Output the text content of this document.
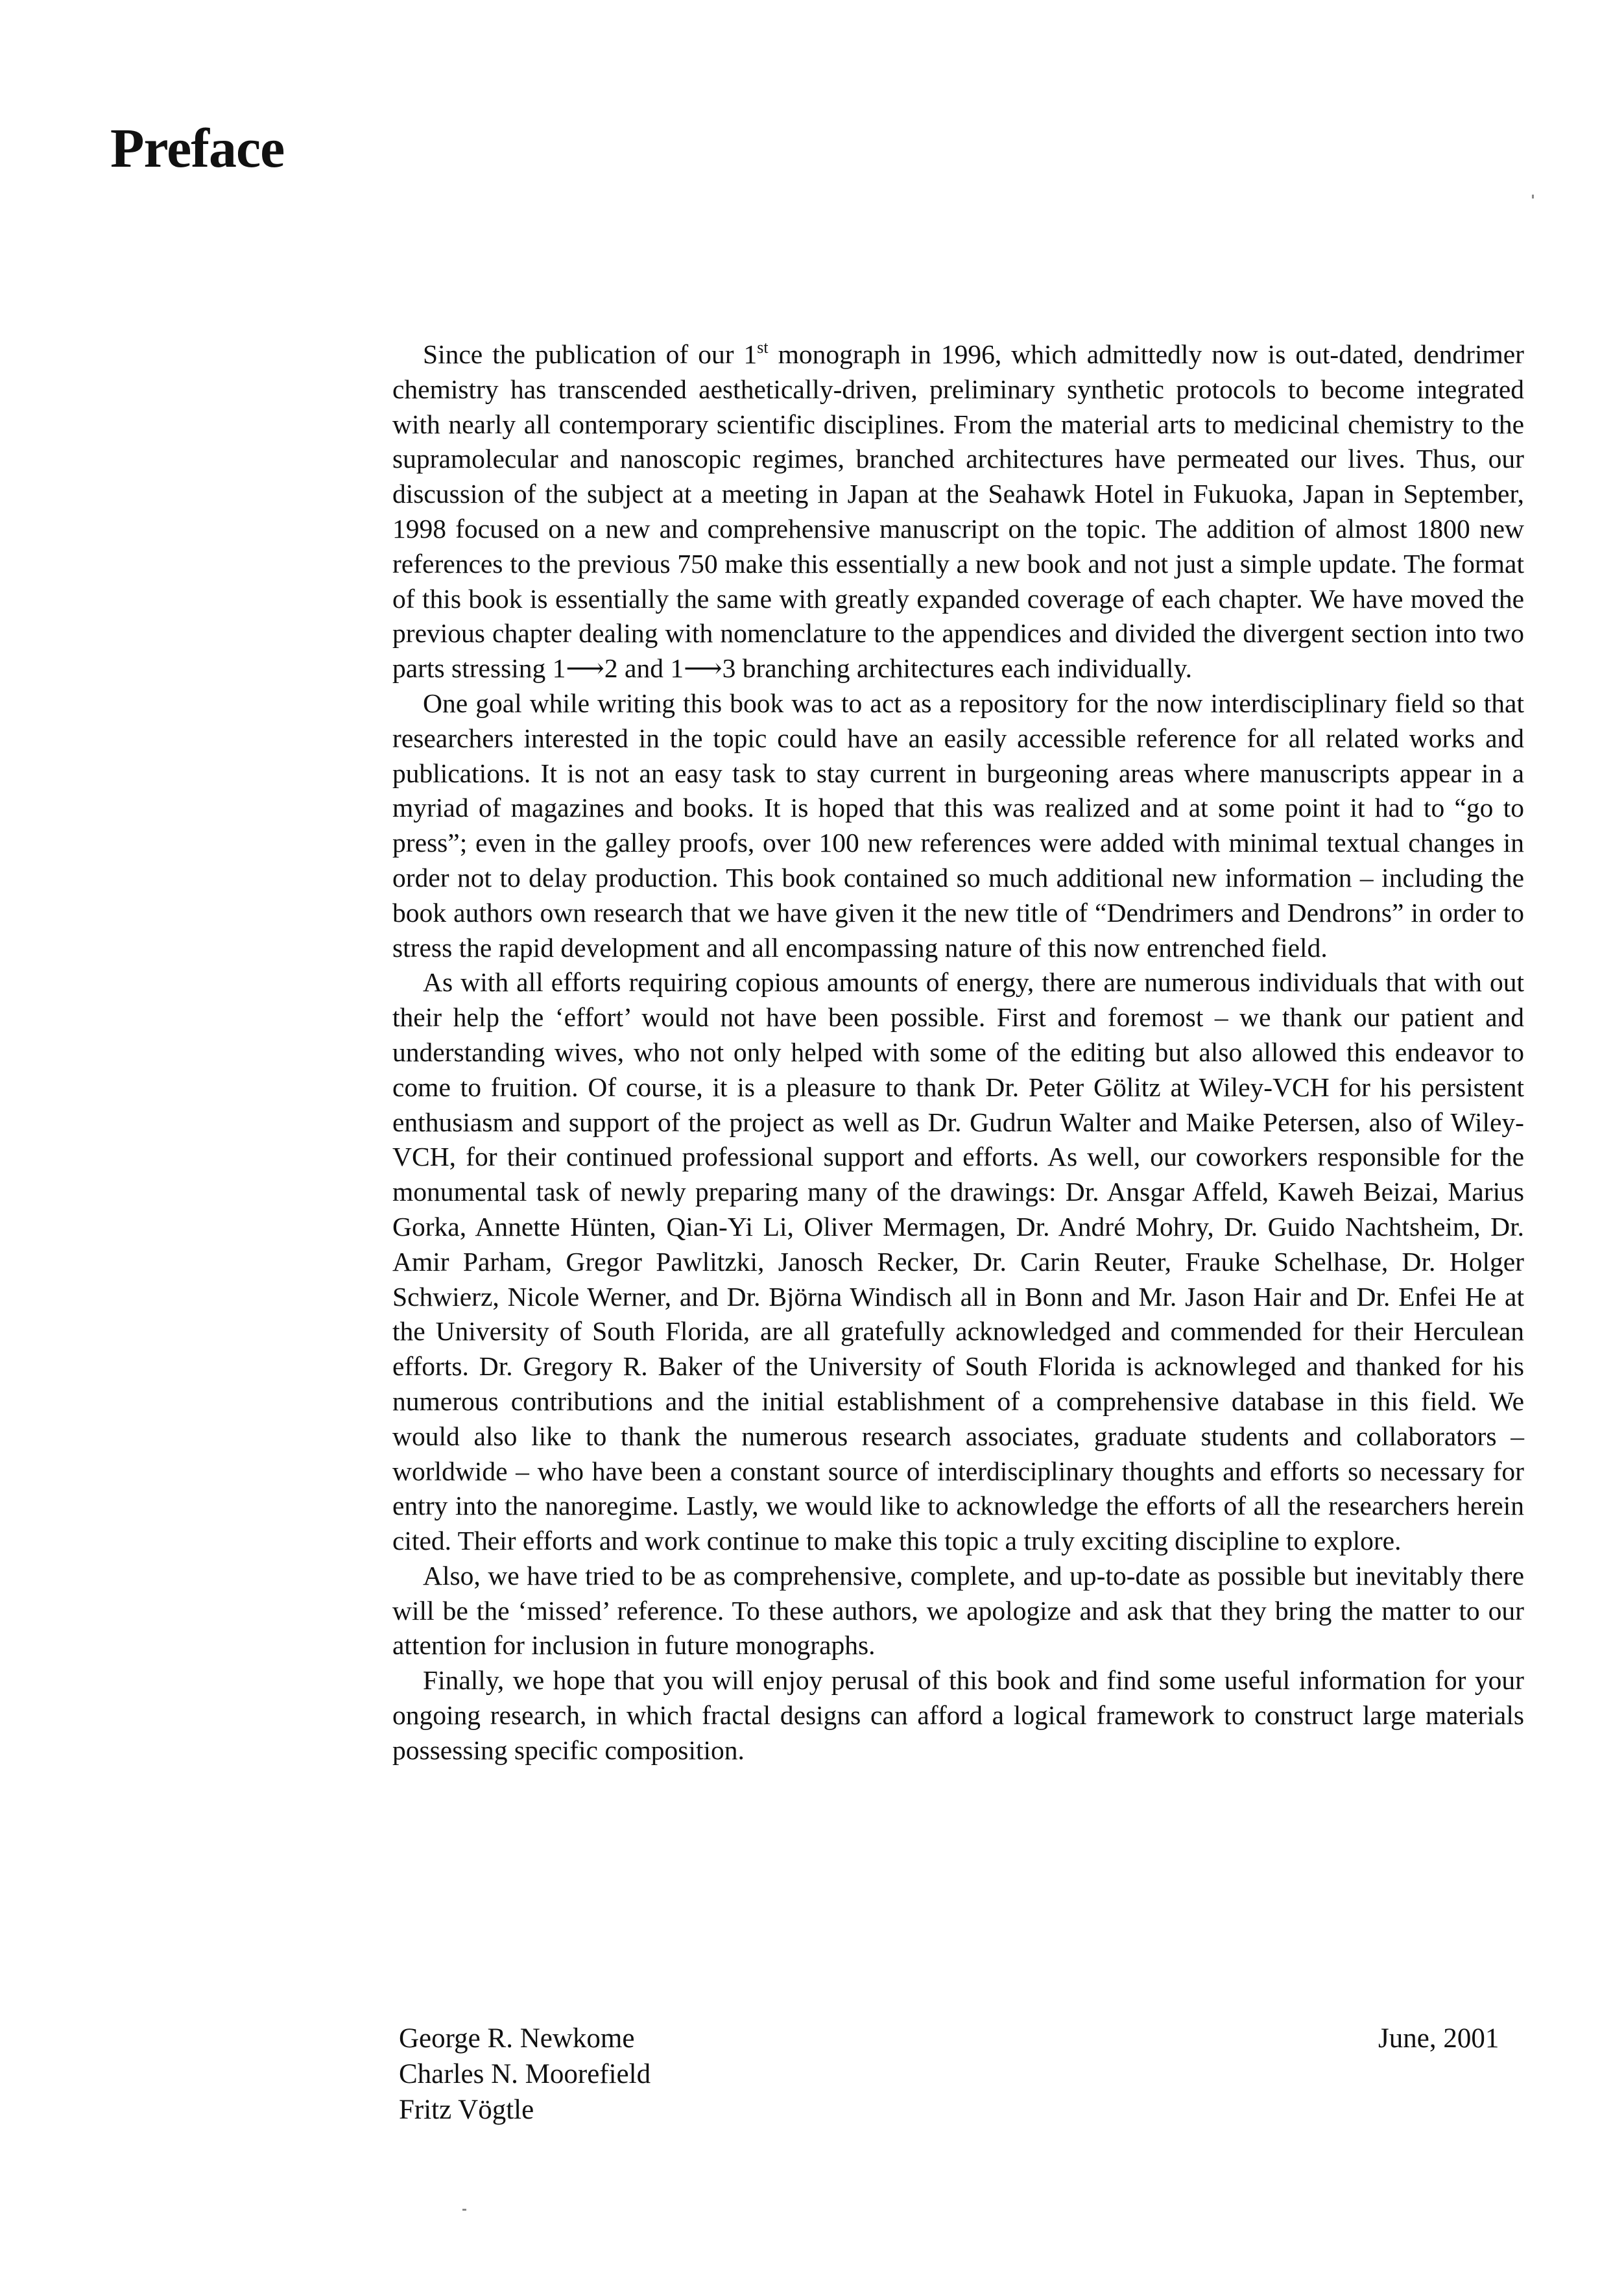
Preface

Since the publication of our 1st monograph in 1996, which admittedly now is out-dated, dendrimer chemistry has transcended aesthetically-driven, preliminary synthetic protocols to become integrated with nearly all contemporary scientific disciplines. From the material arts to medicinal chemistry to the supramolecular and nanoscopic regimes, branched architectures have permeated our lives. Thus, our discussion of the subject at a meeting in Japan at the Seahawk Hotel in Fukuoka, Japan in September, 1998 focused on a new and comprehensive manuscript on the topic. The addition of almost 1800 new references to the previous 750 make this essentially a new book and not just a simple update. The format of this book is essentially the same with greatly expanded coverage of each chapter. We have moved the previous chapter dealing with nomenclature to the appendices and divided the divergent section into two parts stressing 1⟶2 and 1⟶3 branching architectures each individually.

One goal while writing this book was to act as a repository for the now interdisciplinary field so that researchers interested in the topic could have an easily accessible reference for all related works and publications. It is not an easy task to stay current in burgeoning areas where manuscripts appear in a myriad of magazines and books. It is hoped that this was realized and at some point it had to “go to press”; even in the galley proofs, over 100 new references were added with minimal textual changes in order not to delay production. This book contained so much additional new information – including the book authors own research that we have given it the new title of “Dendrimers and Dendrons” in order to stress the rapid development and all encompassing nature of this now entrenched field.

As with all efforts requiring copious amounts of energy, there are numerous individuals that with out their help the ‘effort’ would not have been possible. First and foremost – we thank our patient and understanding wives, who not only helped with some of the editing but also allowed this endeavor to come to fruition. Of course, it is a pleasure to thank Dr. Peter Gölitz at Wiley-VCH for his persistent enthusiasm and support of the project as well as Dr. Gudrun Walter and Maike Petersen, also of Wiley-VCH, for their continued professional support and efforts. As well, our coworkers responsible for the monumental task of newly preparing many of the drawings: Dr. Ansgar Affeld, Kaweh Beizai, Marius Gorka, Annette Hünten, Qian-Yi Li, Oliver Mermagen, Dr. André Mohry, Dr. Guido Nachtsheim, Dr. Amir Parham, Gregor Pawlitzki, Janosch Recker, Dr. Carin Reuter, Frauke Schelhase, Dr. Holger Schwierz, Nicole Werner, and Dr. Björna Windisch all in Bonn and Mr. Jason Hair and Dr. Enfei He at the University of South Florida, are all gratefully acknowledged and commended for their Herculean efforts. Dr. Gregory R. Baker of the University of South Florida is acknowleged and thanked for his numerous contributions and the initial establishment of a comprehensive database in this field. We would also like to thank the numerous research associates, graduate students and collaborators – worldwide – who have been a constant source of interdisciplinary thoughts and efforts so necessary for entry into the nanoregime. Lastly, we would like to acknowledge the efforts of all the researchers herein cited. Their efforts and work continue to make this topic a truly exciting discipline to explore.

Also, we have tried to be as comprehensive, complete, and up-to-date as possible but inevitably there will be the ‘missed’ reference. To these authors, we apologize and ask that they bring the matter to our attention for inclusion in future monographs.

Finally, we hope that you will enjoy perusal of this book and find some useful information for your ongoing research, in which fractal designs can afford a logical framework to construct large materials possessing specific composition.

George R. Newkome
Charles N. Moorefield
Fritz Vögtle
June, 2001
